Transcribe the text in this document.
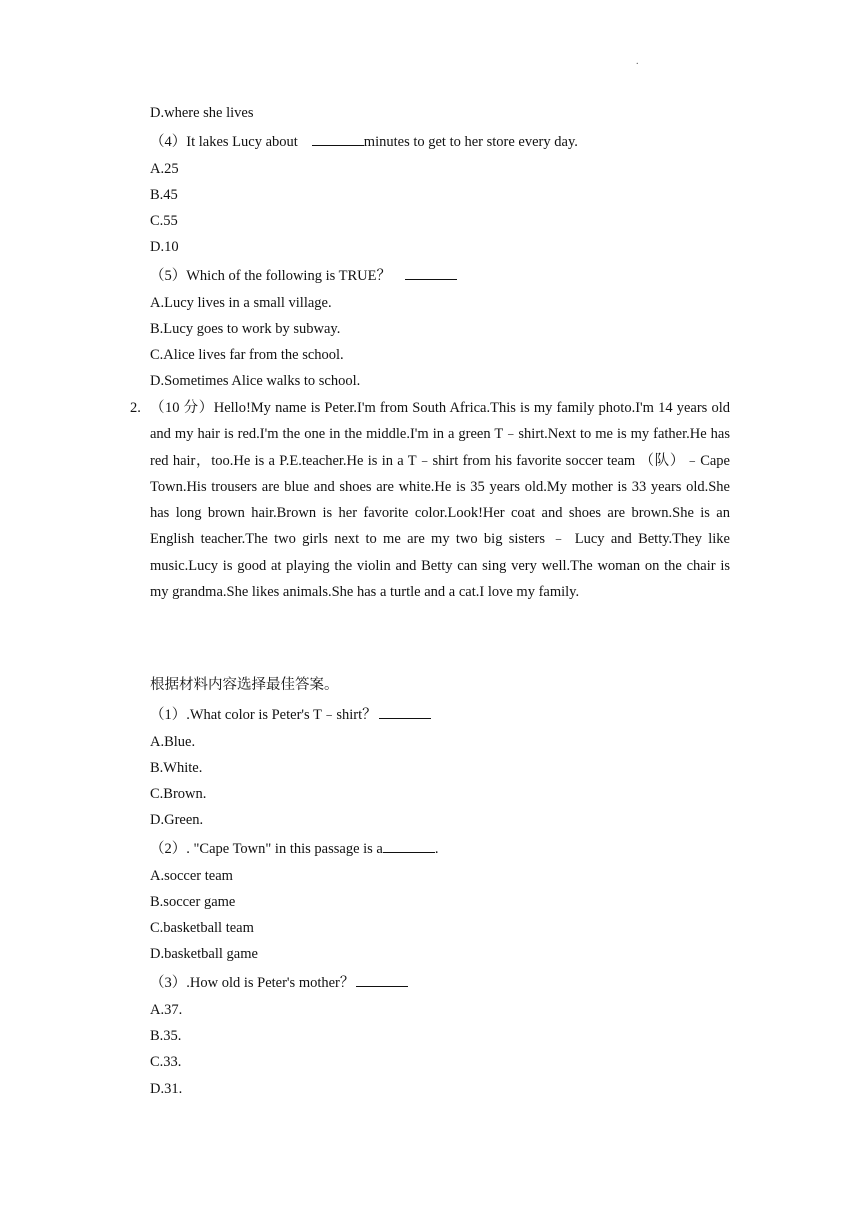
.
D.where she lives
（4）It lakes Lucy about	minutes to get to her store every day.
A.25
B.45
C.55
D.10
（5）Which of the following is TRUE？
A.Lucy lives in a small village.
B.Lucy goes to work by subway.
C.Alice lives far from the school.
D.Sometimes Alice walks to school.
2. （10 分）Hello!My name is Peter.I'm from South Africa.This is my family photo.I'm 14 years old and my hair is red.I'm the one in the middle.I'm in a green T﹣shirt.Next to me is my father.He has red hair，too.He is a P.E.teacher.He is in a T﹣shirt from his favorite soccer team （队）﹣Cape Town.His trousers are blue and shoes are white.He is 35 years old.My mother is 33 years old.She has long brown hair.Brown is her favorite color.Look!Her coat and shoes are brown.She is an English teacher.The two girls next to me are my two big sisters ﹣ Lucy and Betty.They like music.Lucy is good at playing the violin and Betty can sing very well.The woman on the chair is my grandma.She likes animals.She has a turtle and a cat.I love my family.
根据材料内容选择最佳答案。
（1）.What color is Peter's T﹣shirt？
A.Blue.
B.White.
C.Brown.
D.Green.
（2）. "Cape Town" in this passage is a	.
A.soccer team
B.soccer game
C.basketball team
D.basketball game
（3）.How old is Peter's mother？
A.37.
B.35.
C.33.
D.31.
